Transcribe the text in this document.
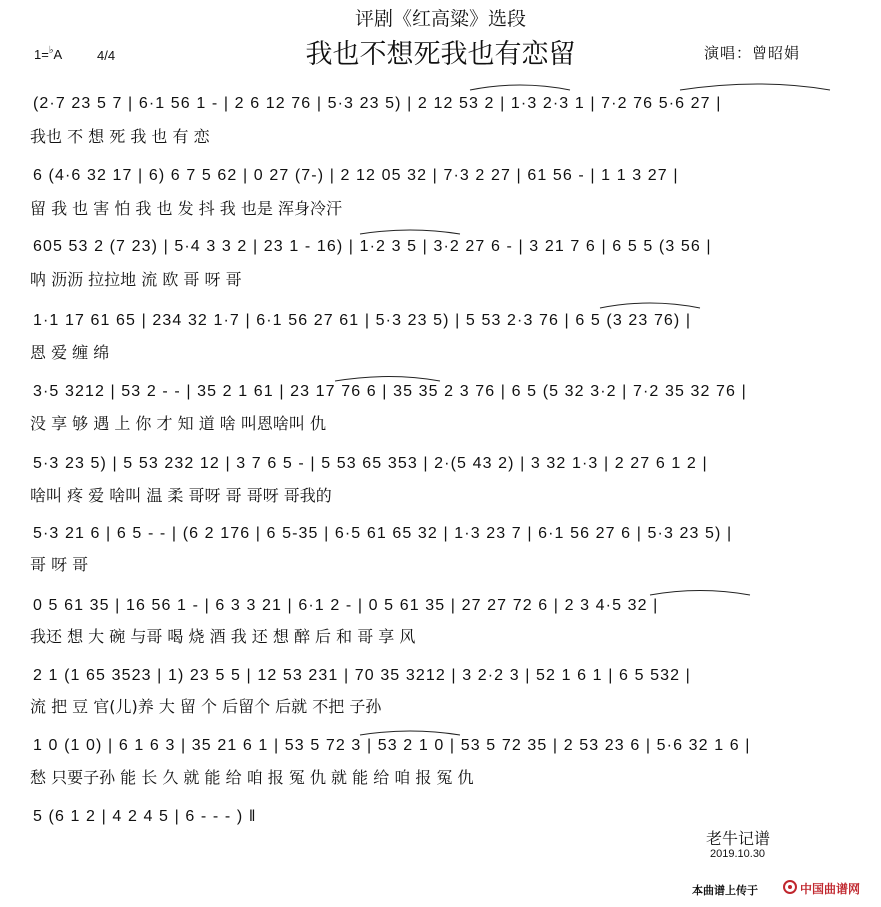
评剧《红高粱》选段
我也不想死我也有恋留
1=♭A	4/4	演唱：曾昭娟
(2·7 23 5 7 | 6·1 56 1 - | 2 6 12 76 | 5·3 23 5) | 2 12 53 2 | 1·3 2·3 1 | 7·2 76 5·6 27 |
我也 不 想 死 我 也 有 恋
6 (4·6 32 17 | 6) 6 7 5 62 | 0 27 (7-) | 2 12 05 32 | 7·3 2 27 | 61 56 - | 1 1 3 27 |
留 我 也 害 怕 我 也 发 抖 我 也是 浑身冷汗
605 53 2 (7 23) | 5·4 3 3 2 | 23 1 - 16) | 1·2 3 5 | 3·2 27 6 - | 3 21 7 6 | 6 5 5 (3 56 |
呐 沥沥 拉拉地 流 欧 哥 呀 哥
1·1 17 61 65 | 234 32 1·7 | 6·1 56 27 61 | 5·3 23 5) | 5 53 2·3 76 | 6 5 (3 23 76) |
恩 爱 缠 绵
3·5 3212 | 53 2 - - | 35 2 1 61 | 23 17 76 6 | 35 35 2 3 76 | 6 5 (5 32 3·2 | 7·2 35 32 76 |
没 享 够 遇 上 你 才 知 道 啥 叫恩啥叫 仇
5·3 23 5) | 5 53 232 12 | 3 7 6 5 - | 5 53 65 353 | 2·(5 43 2) | 3 32 1·3 | 2 27 6 1 2 |
啥叫 疼 爱 啥叫 温 柔 哥呀 哥 哥呀 哥我的
5·3 21 6 | 6 5 - - | (6 2 176 | 6 5-35 | 6·5 61 65 32 | 1·3 23 7 | 6·1 56 27 6 | 5·3 23 5) |
哥 呀 哥
0 5 61 35 | 16 56 1 - | 6 3 3 21 | 6·1 2 - | 0 5 61 35 | 27 27 72 6 | 2 3 4·5 32 |
我还 想 大 碗 与哥 喝 烧 酒 我 还 想 醉 后 和 哥 享 风
2 1 (1 65 3523 | 1) 23 5 5 | 12 53 231 | 70 35 3212 | 3 2·2 3 | 52 1 6 1 | 6 5 532 |
流 把 豆 官(儿)养 大 留 个 后留个 后就 不把 子孙
1 0 (1 0) | 6 1 6 3 | 35 21 6 1 | 53 5 72 3 | 53 2 1 0 | 53 5 72 35 | 2 53 23 6 | 5·6 32 1 6 |
愁 只要子孙 能 长 久 就 能 给 咱 报 冤 仇 就 能 给 咱 报 冤 仇
5 (6 1 2 | 4 2 4 5 | 6 - - - ) ‖
老牛记谱
2019.10.30
本曲谱上传于	中国曲谱网
